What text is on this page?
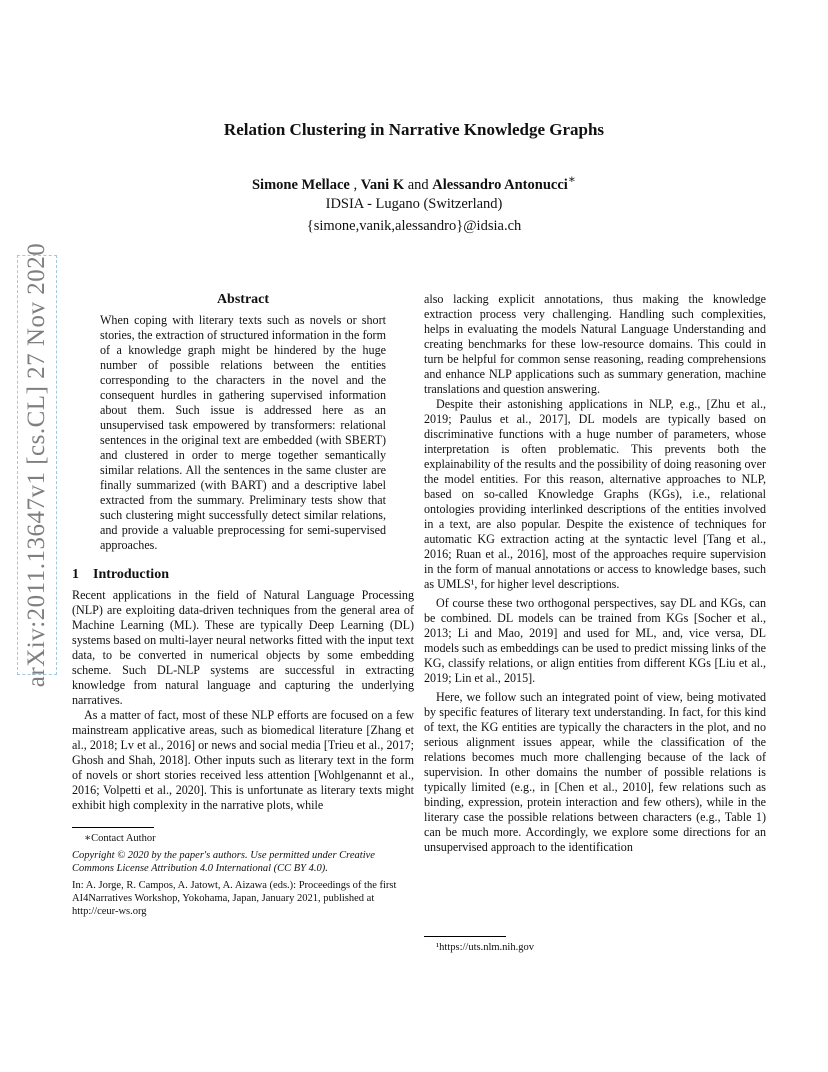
arXiv:2011.13647v1 [cs.CL] 27 Nov 2020
Relation Clustering in Narrative Knowledge Graphs
Simone Mellace , Vani K and Alessandro Antonucci∗
IDSIA - Lugano (Switzerland)
{simone,vanik,alessandro}@idsia.ch
Abstract

When coping with literary texts such as novels or short stories, the extraction of structured information in the form of a knowledge graph might be hindered by the huge number of possible relations between the entities corresponding to the characters in the novel and the consequent hurdles in gathering supervised information about them. Such issue is addressed here as an unsupervised task empowered by transformers: relational sentences in the original text are embedded (with SBERT) and clustered in order to merge together semantically similar relations. All the sentences in the same cluster are finally summarized (with BART) and a descriptive label extracted from the summary. Preliminary tests show that such clustering might successfully detect similar relations, and provide a valuable preprocessing for semi-supervised approaches.

1 Introduction

Recent applications in the field of Natural Language Processing (NLP) are exploiting data-driven techniques from the general area of Machine Learning (ML). These are typically Deep Learning (DL) systems based on multi-layer neural networks fitted with the input text data, to be converted in numerical objects by some embedding scheme. Such DL-NLP systems are successful in extracting knowledge from natural language and capturing the underlying narratives.

As a matter of fact, most of these NLP efforts are focused on a few mainstream applicative areas, such as biomedical literature [Zhang et al., 2018; Lv et al., 2016] or news and social media [Trieu et al., 2017; Ghosh and Shah, 2018]. Other inputs such as literary text in the form of novels or short stories received less attention [Wohlgenannt et al., 2016; Volpetti et al., 2020]. This is unfortunate as literary texts might exhibit high complexity in the narrative plots, while

∗Contact Author

Copyright © 2020 by the paper's authors. Use permitted under Creative Commons License Attribution 4.0 International (CC BY 4.0).

In: A. Jorge, R. Campos, A. Jatowt, A. Aizawa (eds.): Proceedings of the first AI4Narratives Workshop, Yokohama, Japan, January 2021, published at http://ceur-ws.org

also lacking explicit annotations, thus making the knowledge extraction process very challenging. Handling such complexities, helps in evaluating the models Natural Language Understanding and creating benchmarks for these low-resource domains. This could in turn be helpful for common sense reasoning, reading comprehensions and enhance NLP applications such as summary generation, machine translations and question answering.

Despite their astonishing applications in NLP, e.g., [Zhu et al., 2019; Paulus et al., 2017], DL models are typically based on discriminative functions with a huge number of parameters, whose interpretation is often problematic. This prevents both the explainability of the results and the possibility of doing reasoning over the model entities. For this reason, alternative approaches to NLP, based on so-called Knowledge Graphs (KGs), i.e., relational ontologies providing interlinked descriptions of the entities involved in a text, are also popular. Despite the existence of techniques for automatic KG extraction acting at the syntactic level [Tang et al., 2016; Ruan et al., 2016], most of the approaches require supervision in the form of manual annotations or access to knowledge bases, such as UMLS¹, for higher level descriptions.

Of course these two orthogonal perspectives, say DL and KGs, can be combined. DL models can be trained from KGs [Socher et al., 2013; Li and Mao, 2019] and used for ML, and, vice versa, DL models such as embeddings can be used to predict missing links of the KG, classify relations, or align entities from different KGs [Liu et al., 2019; Lin et al., 2015].

Here, we follow such an integrated point of view, being motivated by specific features of literary text understanding. In fact, for this kind of text, the KG entities are typically the characters in the plot, and no serious alignment issues appear, while the classification of the relations becomes much more challenging because of the lack of supervision. In other domains the number of possible relations is typically limited (e.g., in [Chen et al., 2010], few relations such as binding, expression, protein interaction and few others), while in the literary case the possible relations between characters (e.g., Table 1) can be much more. Accordingly, we explore some directions for an unsupervised approach to the identification

¹https://uts.nlm.nih.gov
